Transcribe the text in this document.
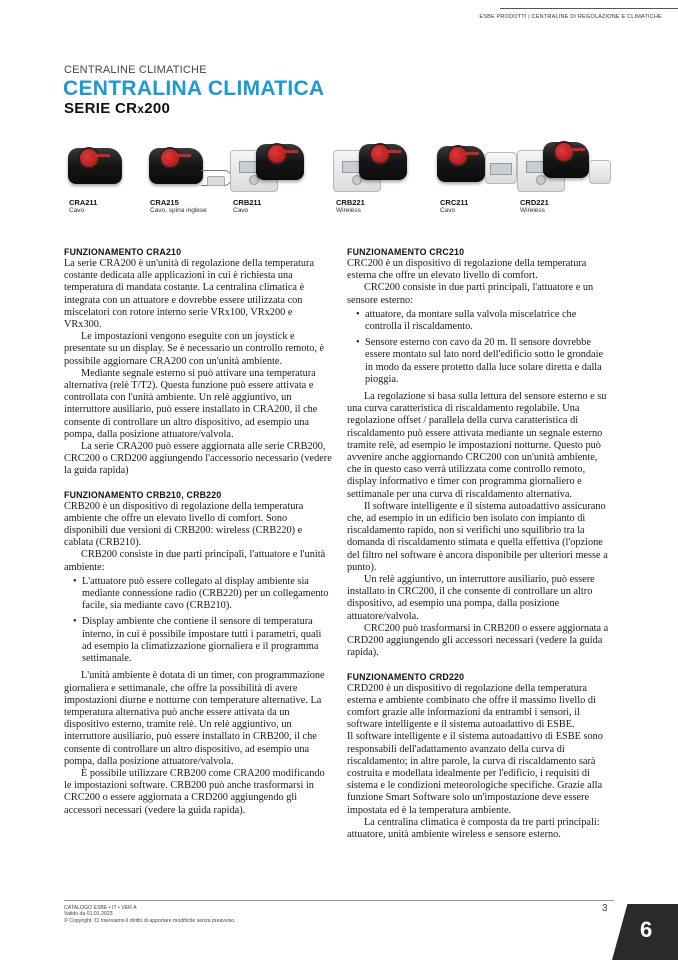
ESBE PRODOTTI | CENTRALINE DI REGOLAZIONE E CLIMATICHE
CENTRALINE CLIMATICHE
CENTRALINA CLIMATICA
SERIE CRx200
CRA211
Cavo
CRA215
Cavo, spina inglese
CRB211
Cavo
CRB221
Wireless
CRC211
Cavo
CRD221
Wireless
FUNZIONAMENTO CRA210

La serie CRA200 è un'unità di regolazione della temperatura costante dedicata alle applicazioni in cui è richiesta una temperatura di mandata costante. La centralina climatica è integrata con un attuatore e dovrebbe essere utilizzata con miscelatori con rotore interno serie VRx100, VRx200 e VRx300.

Le impostazioni vengono eseguite con un joystick e presentate su un display. Se è necessario un controllo remoto, è possibile aggiornare CRA200 con un'unità ambiente.

Mediante segnale esterno si può attivare una temperatura alternativa (relè T/T2). Questa funzione può essere attivata e controllata con l'unità ambiente. Un relè aggiuntivo, un interruttore ausiliario, può essere installato in CRA200, il che consente di controllare un altro dispositivo, ad esempio una pompa, dalla posizione attuatore/valvola.

La serie CRA200 può essere aggiornata alle serie CRB200, CRC200 o CRD200 aggiungendo l'accessorio necessario (vedere la guida rapida)

FUNZIONAMENTO CRB210, CRB220

CRB200 è un dispositivo di regolazione della temperatura ambiente che offre un elevato livello di comfort. Sono disponibili due versioni di CRB200: wireless (CRB220) e cablata (CRB210).

CRB200 consiste in due parti principali, l'attuatore e l'unità ambiente:

• L'attuatore può essere collegato al display ambiente sia mediante connessione radio (CRB220) per un collegamento facile, sia mediante cavo (CRB210).
• Display ambiente che contiene il sensore di temperatura interno, in cui è possibile impostare tutti i parametri, quali ad esempio la climatizzazione giornaliera e il programma settimanale.

L'unità ambiente è dotata di un timer, con programmazione giornaliera e settimanale, che offre la possibilità di avere impostazioni diurne e notturne con temperature alternative. La temperatura alternativa può anche essere attivata da un dispositivo esterno, tramite relè. Un relè aggiuntivo, un interruttore ausiliario, può essere installato in CRB200, il che consente di controllare un altro dispositivo, ad esempio una pompa, dalla posizione attuatore/valvola.

È possibile utilizzare CRB200 come CRA200 modificando le impostazioni software. CRB200 può anche trasformarsi in CRC200 o essere aggiornata a CRD200 aggiungendo gli accessori necessari (vedere la guida rapida).

FUNZIONAMENTO CRC210

CRC200 è un dispositivo di regolazione della temperatura esterna che offre un elevato livello di comfort.

CRC200 consiste in due parti principali, l'attuatore e un sensore esterno:

• attuatore, da montare sulla valvola miscelatrice che controlla il riscaldamento.
• Sensore esterno con cavo da 20 m. Il sensore dovrebbe essere montato sul lato nord dell'edificio sotto le grondaie in modo da essere protetto dalla luce solare diretta e dalla pioggia.

La regolazione si basa sulla lettura del sensore esterno e su una curva caratteristica di riscaldamento regolabile. Una regolazione offset / parallela della curva caratteristica di riscaldamento può essere attivata mediante un segnale esterno tramite relè, ad esempio le impostazioni notturne. Questo può avvenire anche aggiornando CRC200 con un'unità ambiente, che in questo caso verrà utilizzata come controllo remoto, display informativo e timer con programma giornaliero e settimanale per una curva di riscaldamento alternativa.

Il software intelligente e il sistema autoadattivo assicurano che, ad esempio in un edificio ben isolato con impianto di riscaldamento rapido, non si verifichi uno squilibrio tra la domanda di riscaldamento stimata e quella effettiva (l'opzione del filtro nel software è ancora disponibile per ulteriori messe a punto).

Un relè aggiuntivo, un interruttore ausiliario, può essere installato in CRC200, il che consente di controllare un altro dispositivo, ad esempio una pompa, dalla posizione attuatore/valvola.

CRC200 può trasformarsi in CRB200 o essere aggiornata a CRD200 aggiungendo gli accessori necessari (vedere la guida rapida).

FUNZIONAMENTO CRD220

CRD200 è un dispositivo di regolazione della temperatura esterna e ambiente combinato che offre il massimo livello di comfort grazie alle informazioni da entrambi i sensori, il software intelligente e il sistema autoadattivo di ESBE.

Il software intelligente e il sistema autoadattivo di ESBE sono responsabili dell'adattamento avanzato della curva di riscaldamento; in altre parole, la curva di riscaldamento sarà costruita e modellata idealmente per l'edificio, i requisiti di sistema e le condizioni meteorologiche specifiche. Grazie alla funzione Smart Software solo un'impostazione deve essere impostata ed è la temperatura ambiente.

La centralina climatica è composta da tre parti principali: attuatore, unità ambiente wireless e sensore esterno.

CATALOGO ESBE • IT • VER A
Valido da 01.01.2023
© Copyright. Ci riserviamo il diritto di apportare modifiche senza preavviso.
3
6
